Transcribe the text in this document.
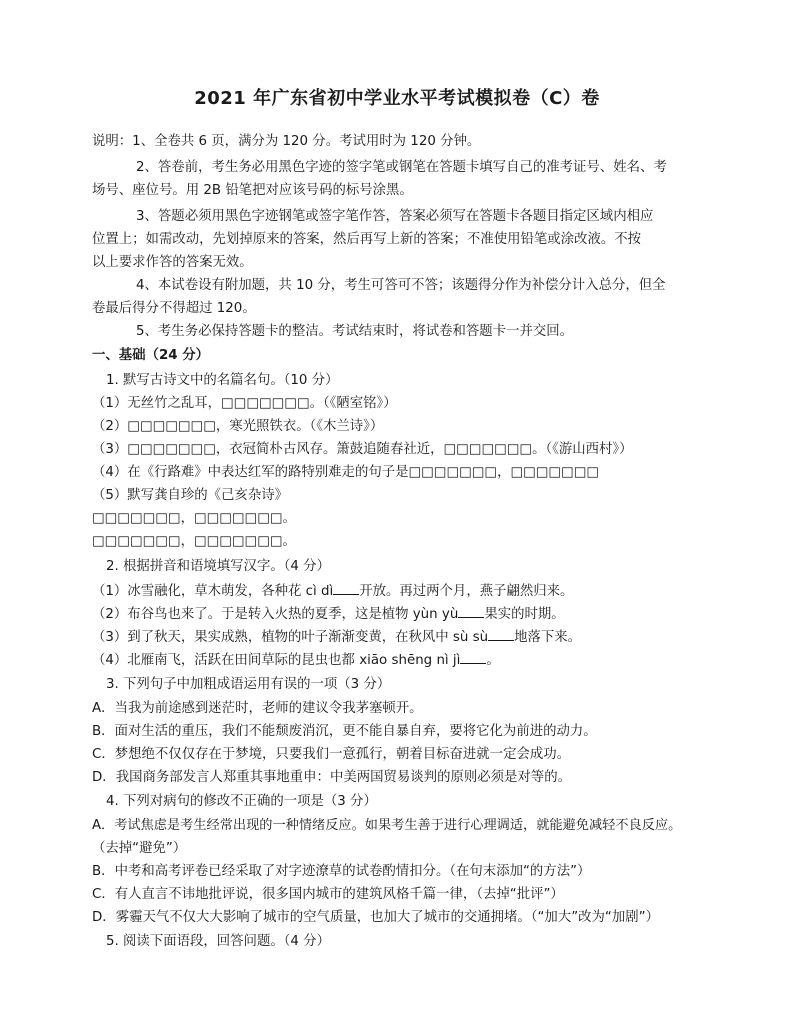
2021 年广东省初中学业水平考试模拟卷（C）卷
说明：1、全卷共 6 页，满分为 120 分。考试用时为 120 分钟。
2、答卷前，考生务必用黑色字迹的签字笔或钢笔在答题卡填写自己的准考证号、姓名、考
场号、座位号。用 2B 铅笔把对应该号码的标号涂黑。
3、答题必须用黑色字迹钢笔或签字笔作答，答案必须写在答题卡各题目指定区域内相应
位置上；如需改动，先划掉原来的答案，然后再写上新的答案；不准使用铅笔或涂改液。不按
以上要求作答的答案无效。
4、本试卷设有附加题，共 10 分，考生可答可不答；该题得分作为补偿分计入总分，但全
卷最后得分不得超过 120。
5、考生务必保持答题卡的整洁。考试结束时，将试卷和答题卡一并交回。
一、基础（24 分）
1. 默写古诗文中的名篇名句。（10 分）
（1）无丝竹之乱耳，□□□□□□□。（《陋室铭》）
（2）□□□□□□□，寒光照铁衣。（《木兰诗》）
（3）□□□□□□□，衣冠简朴古风存。箫鼓追随春社近，□□□□□□□。（《游山西村》）
（4）在《行路难》中表达红军的路特别难走的句子是□□□□□□□，□□□□□□□
（5）默写龚自珍的《己亥杂诗》
□□□□□□□，□□□□□□□。
□□□□□□□，□□□□□□□。
2. 根据拼音和语境填写汉字。（4 分）
（1）冰雪融化，草木萌发，各种花 cì dì 开放。再过两个月，燕子翩然归来。
（2）布谷鸟也来了。于是转入火热的夏季，这是植物 yùn yù 果实的时期。
（3）到了秋天，果实成熟，植物的叶子渐渐变黄，在秋风中 sù sù 地落下来。
（4）北雁南飞，活跃在田间草际的昆虫也都 xiāo shēng nì jì 。
3. 下列句子中加粗成语运用有误的一项（3 分）
A．当我为前途感到迷茫时，老师的建议令我茅塞顿开。
B．面对生活的重压，我们不能颓废消沉，更不能自暴自弃，要将它化为前进的动力。
C．梦想绝不仅仅存在于梦境，只要我们一意孤行，朝着目标奋进就一定会成功。
D．我国商务部发言人郑重其事地重申：中美两国贸易谈判的原则必须是对等的。
4. 下列对病句的修改不正确的一项是（3 分）
A．考试焦虑是考生经常出现的一种情绪反应。如果考生善于进行心理调适，就能避免减轻不良反应。
（去掉“避免”）
B．中考和高考评卷已经采取了对字迹潦草的试卷酌情扣分。（在句末添加“的方法”）
C．有人直言不讳地批评说，很多国内城市的建筑风格千篇一律，（去掉“批评”）
D．雾霾天气不仅大大影响了城市的空气质量，也加大了城市的交通拥堵。（“加大”改为“加剧”）
5. 阅读下面语段，回答问题。（4 分）
